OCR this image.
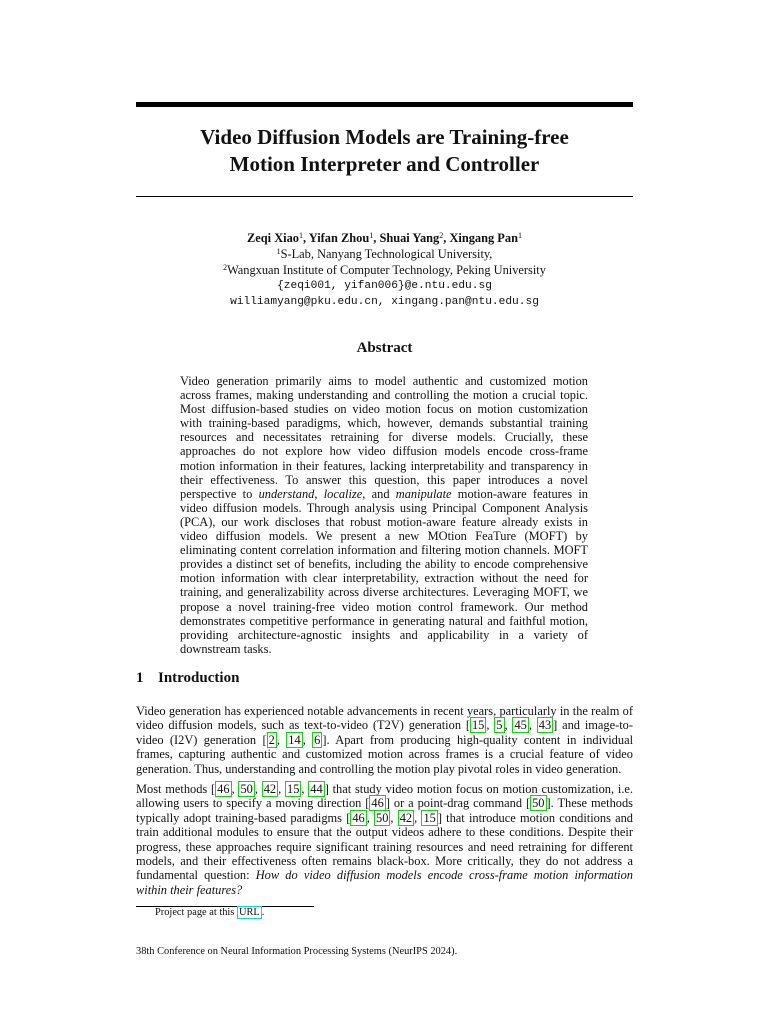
Video Diffusion Models are Training-free
Motion Interpreter and Controller
Zeqi Xiao$^1$, Yifan Zhou$^1$, Shuai Yang$^2$, Xingang Pan$^1$
$^1$S-Lab, Nanyang Technological University,
$^2$Wangxuan Institute of Computer Technology, Peking University
{zeqi001, yifan006}@e.ntu.edu.sg
williamyang@pku.edu.cn, xingang.pan@ntu.edu.sg
Abstract

Video generation primarily aims to model authentic and customized motion across frames, making understanding and controlling the motion a crucial topic. Most diffusion-based studies on video motion focus on motion customization with training-based paradigms, which, however, demands substantial training resources and necessitates retraining for diverse models. Crucially, these approaches do not explore how video diffusion models encode cross-frame motion information in their features, lacking interpretability and transparency in their effectiveness. To answer this question, this paper introduces a novel perspective to understand, localize, and manipulate motion-aware features in video diffusion models. Through analysis using Principal Component Analysis (PCA), our work discloses that robust motion-aware feature already exists in video diffusion models. We present a new MOtion FeaTure (MOFT) by eliminating content correlation information and filtering motion channels. MOFT provides a distinct set of benefits, including the ability to encode comprehensive motion information with clear interpretability, extraction without the need for training, and generalizability across diverse architectures. Leveraging MOFT, we propose a novel training-free video motion control framework. Our method demonstrates competitive performance in generating natural and faithful motion, providing architecture-agnostic insights and applicability in a variety of downstream tasks.

1 Introduction

Video generation has experienced notable advancements in recent years, particularly in the realm of video diffusion models, such as text-to-video (T2V) generation [ 15 , 5 , 45 , 43 ] and image-to-video (I2V) generation [ 2 , 14 , 6 ]. Apart from producing high-quality content in individual frames, capturing authentic and customized motion across frames is a crucial feature of video generation. Thus, understanding and controlling the motion play pivotal roles in video generation.

Most methods [ 46 , 50 , 42 , 15 , 44 ] that study video motion focus on motion customization, i.e. allowing users to specify a moving direction [ 46 ] or a point-drag command [ 50 ]. These methods typically adopt training-based paradigms [ 46 , 50 , 42 , 15 ] that introduce motion conditions and train additional modules to ensure that the output videos adhere to these conditions. Despite their progress, these approaches require significant training resources and need retraining for different models, and their effectiveness often remains black-box. More critically, they do not address a fundamental question: How do video diffusion models encode cross-frame motion information within their features?

Project page at this URL .
38th Conference on Neural Information Processing Systems (NeurIPS 2024).
